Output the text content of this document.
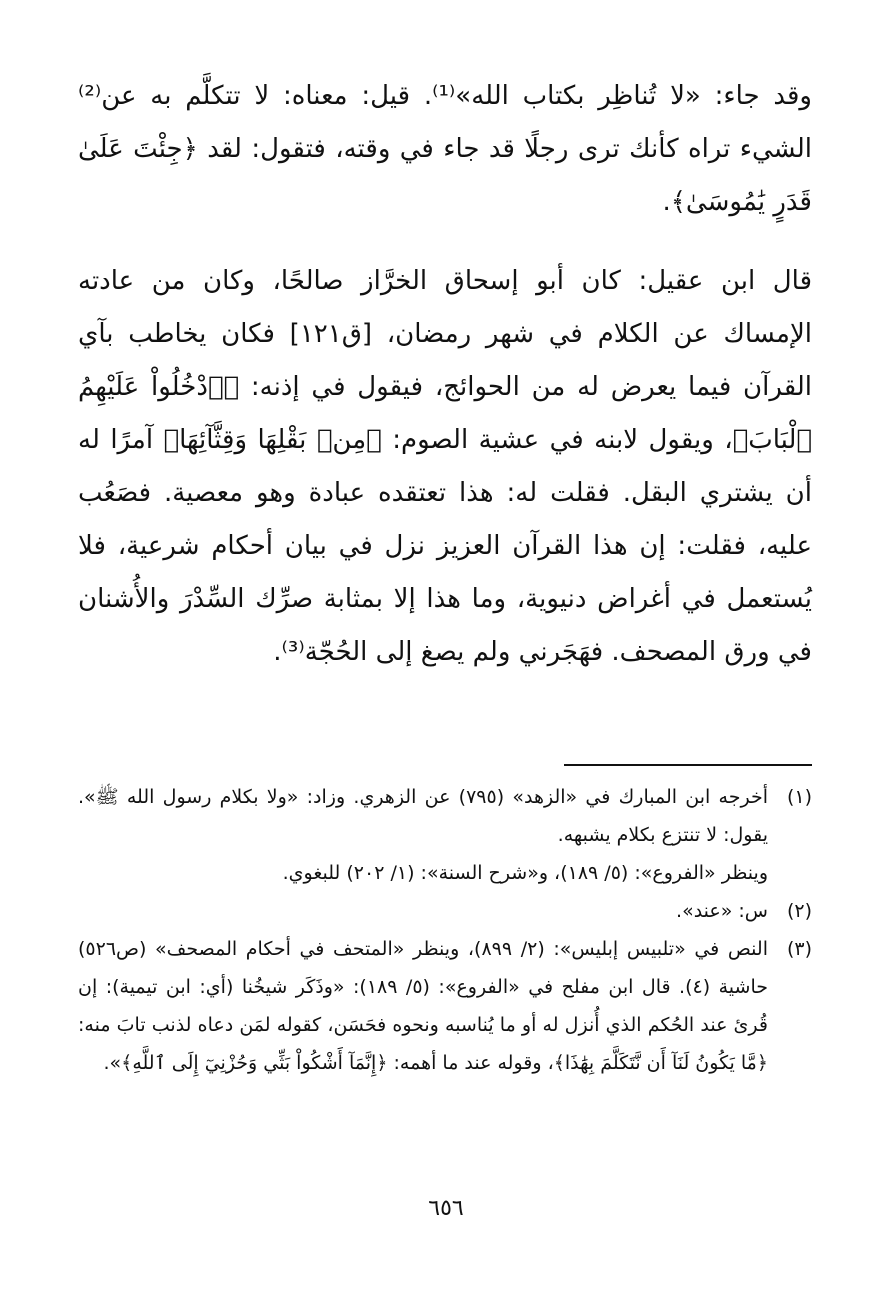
وقد جاء: «لا تُناظِر بكتاب الله»⁽¹⁾. قيل: معناه: لا تتكلَّم به عن⁽²⁾ الشيء تراه كأنك ترى رجلًا قد جاء في وقته، فتقول: لقد ﴿جِئْتَ عَلَىٰ قَدَرٍ يَٰمُوسَىٰ﴾.

قال ابن عقيل: كان أبو إسحاق الخرَّاز صالحًا، وكان من عادته الإمساك عن الكلام في شهر رمضان، [ق١٢١] فكان يخاطب بآي القرآن فيما يعرض له من الحوائج، فيقول في إذنه: ﴿ٱدْخُلُواْ عَلَيْهِمُ ٱلْبَابَ﴾، ويقول لابنه في عشية الصوم: ﴿مِنۢ بَقْلِهَا وَقِثَّآئِهَا﴾ آمرًا له أن يشتري البقل. فقلت له: هذا تعتقده عبادة وهو معصية. فصَعُب عليه، فقلت: إن هذا القرآن العزيز نزل في بيان أحكام شرعية، فلا يُستعمل في أغراض دنيوية، وما هذا إلا بمثابة صرِّك السِّدْرَ والأُشنان في ورق المصحف. فهَجَرني ولم يصغ إلى الحُجّة⁽³⁾.

(١)

أخرجه ابن المبارك في «الزهد» (٧٩٥) عن الزهري. وزاد: «ولا بكلام رسول الله ﷺ». يقول: لا تنتزع بكلام يشبهه.

وينظر «الفروع»: (٥/ ١٨٩)، و«شرح السنة»: (١/ ٢٠٢) للبغوي.

(٢)

س: «عند».

(٣)

النص في «تلبيس إبليس»: (٢/ ٨٩٩)، وينظر «المتحف في أحكام المصحف» (ص٥٢٦) حاشية (٤). قال ابن مفلح في «الفروع»: (٥/ ١٨٩): «وذَكَر شيخُنا (أي: ابن تيمية): إن قُرئ عند الحُكم الذي أُنزل له أو ما يُناسبه ونحوه فحَسَن، كقوله لمَن دعاه لذنب تابَ منه: ﴿مَّا يَكُونُ لَنَآ أَن نَّتَكَلَّمَ بِهَٰذَا﴾، وقوله عند ما أهمه: ﴿إِنَّمَآ أَشْكُواْ بَثِّي وَحُزْنِيٓ إِلَى ٱللَّهِ﴾».

٦٥٦
